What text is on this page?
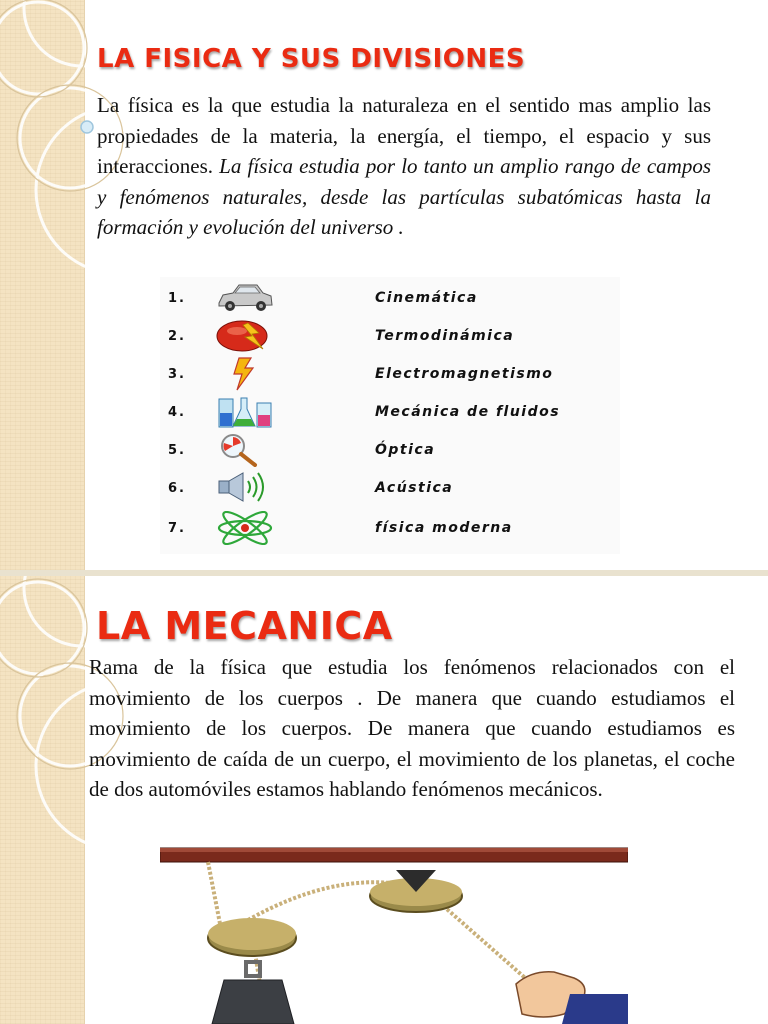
LA FISICA Y SUS DIVISIONES

La física es la que estudia la naturaleza en el sentido mas amplio las propiedades de la materia, la energía, el tiempo, el espacio y sus interacciones. La física estudia por lo tanto un amplio rango de campos y fenómenos naturales, desde las partículas subatómicas hasta la formación y evolución del universo .

1.	Cinemática
2.	Termodinámica
3.	Electromagnetismo
4.	Mecánica de fluidos
5.	Óptica
6.	Acústica
7.	física moderna
LA MECANICA

Rama de la física que estudia los fenómenos relacionados con el movimiento de los cuerpos . De manera que cuando estudiamos el movimiento de los cuerpos. De manera que cuando estudiamos es movimiento de caída de un cuerpo, el movimiento de los planetas, el coche de dos automóviles estamos hablando fenómenos mecánicos.
